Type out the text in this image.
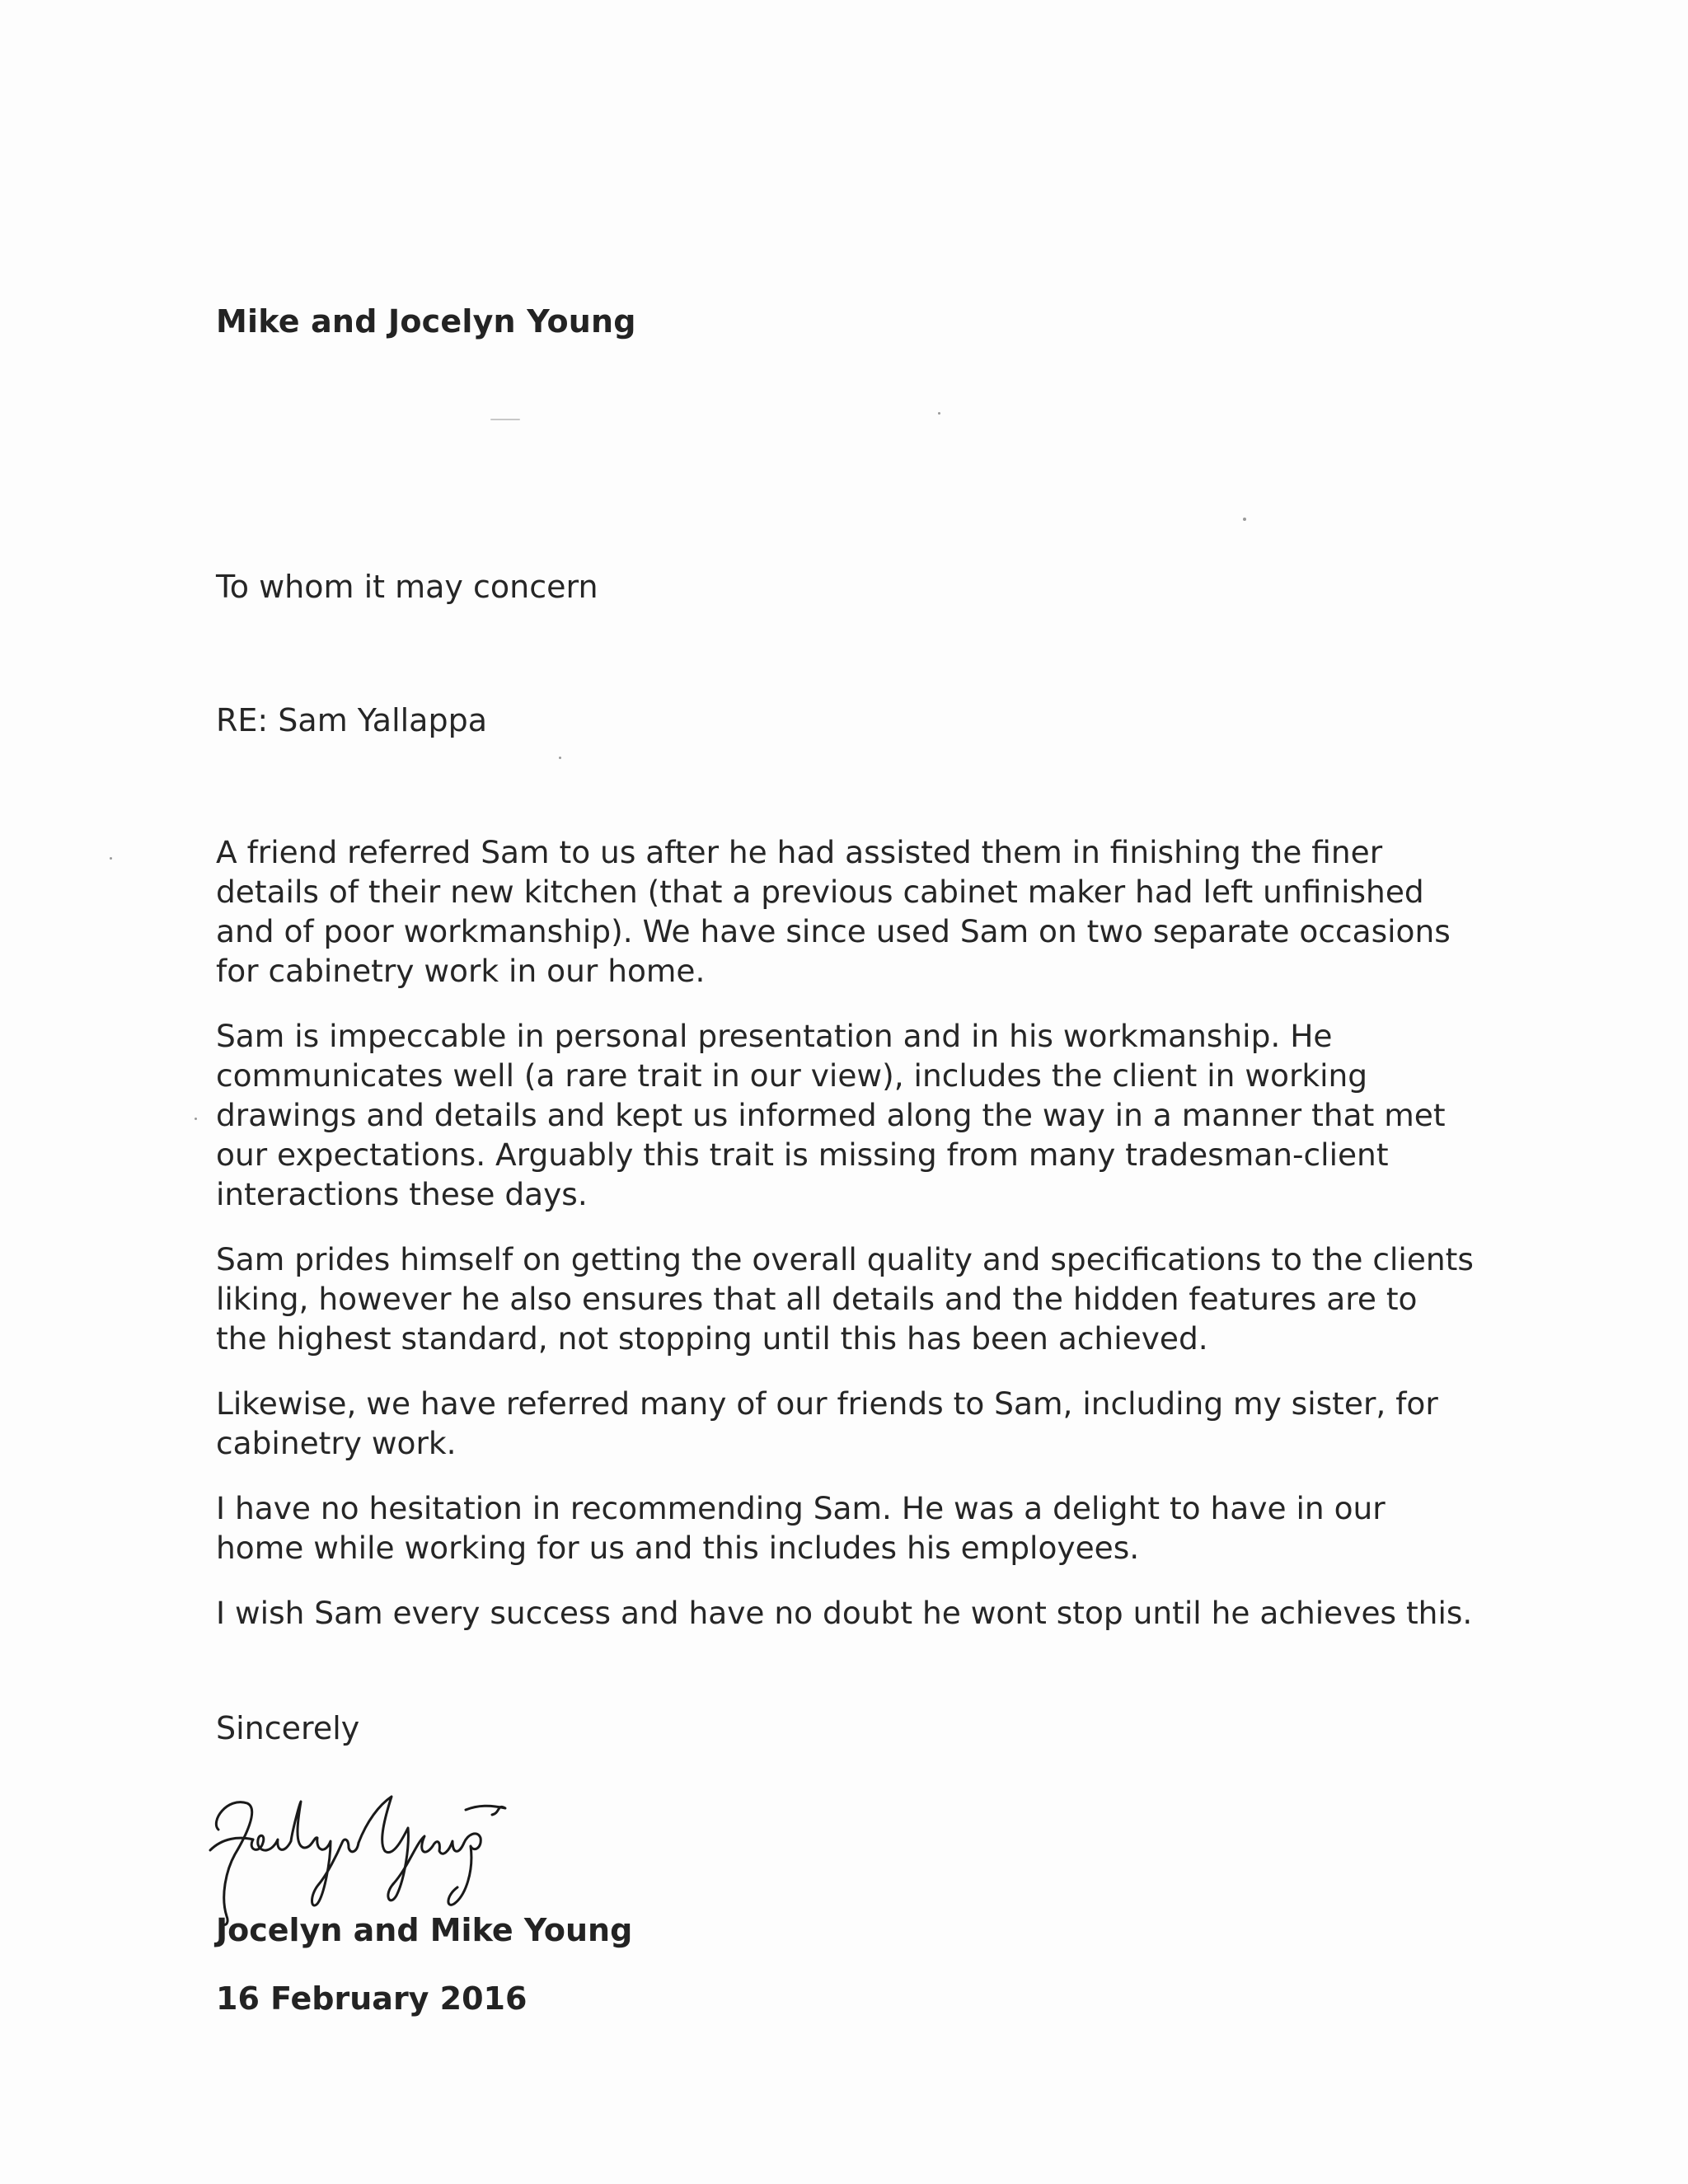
Mike and Jocelyn Young
To whom it may concern
RE: Sam Yallappa

A friend referred Sam to us after he had assisted them in finishing the finer details of their new kitchen (that a previous cabinet maker had left unfinished and of poor workmanship). We have since used Sam on two separate occasions for cabinetry work in our home.

Sam is impeccable in personal presentation and in his workmanship. He communicates well (a rare trait in our view), includes the client in working drawings and details and kept us informed along the way in a manner that met our expectations. Arguably this trait is missing from many tradesman-client interactions these days.

Sam prides himself on getting the overall quality and specifications to the clients liking, however he also ensures that all details and the hidden features are to the highest standard, not stopping until this has been achieved.

Likewise, we have referred many of our friends to Sam, including my sister, for cabinetry work.

I have no hesitation in recommending Sam. He was a delight to have in our home while working for us and this includes his employees.

I wish Sam every success and have no doubt he wont stop until he achieves this.

Sincerely
Jocelyn and Mike Young
16 February 2016
